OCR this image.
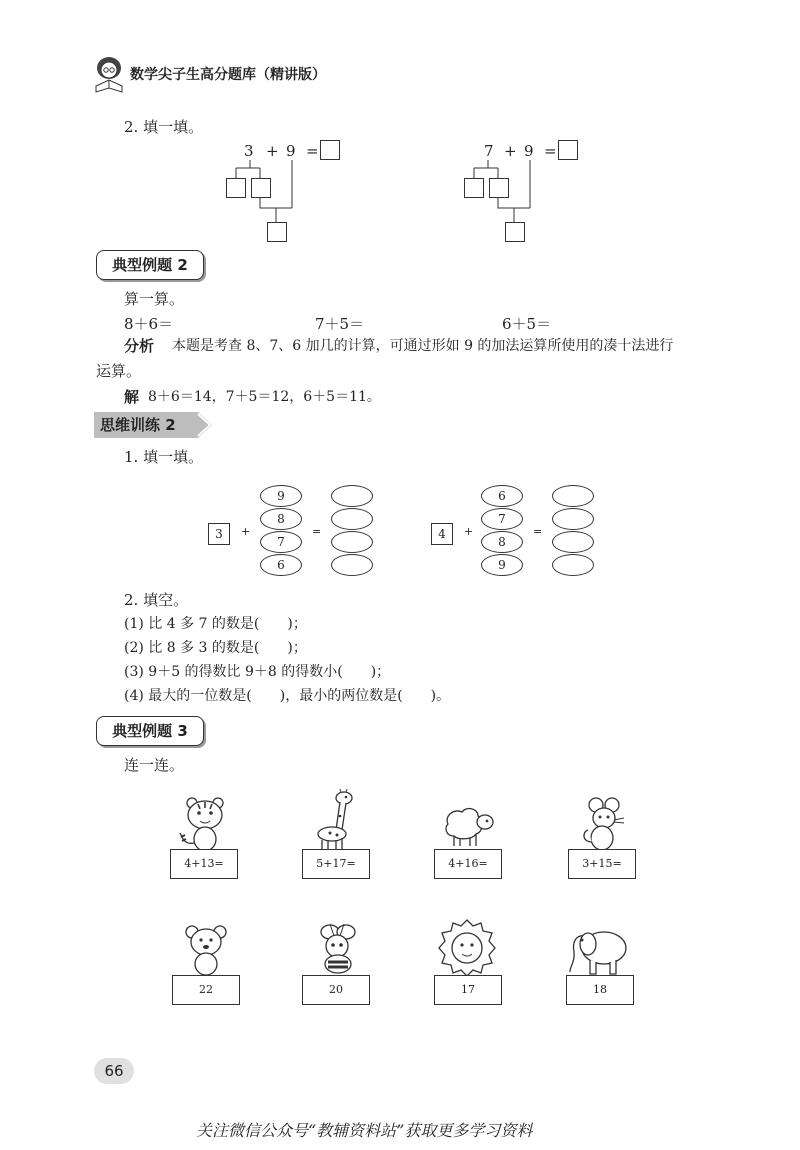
数学尖子生高分题库（精讲版）
2. 填一填。
3 + 9 =	7 + 9 =
典型例题 2
算一算。
8＋6＝	7＋5＝	6＋5＝
分析 本题是考查 8、7、6 加几的计算，可通过形如 9 的加法运算所使用的凑十法进行
运算。
解 8＋6＝14，7＋5＝12，6＋5＝11。
思维训练 2
1. 填一填。
3	+
9
8
7
6
=	4	+
6
7
8
9
=
2. 填空。
(1) 比 4 多 7 的数是(　　)；
(2) 比 8 多 3 的数是(　　)；
(3) 9＋5 的得数比 9＋8 的得数小(　　)；
(4) 最大的一位数是(　　)，最小的两位数是(　　)。
典型例题 3
连一连。
4+13=	5+17=	4+16=	3+15=
22	20	17	18
66
关注微信公众号“教辅资料站”获取更多学习资料
